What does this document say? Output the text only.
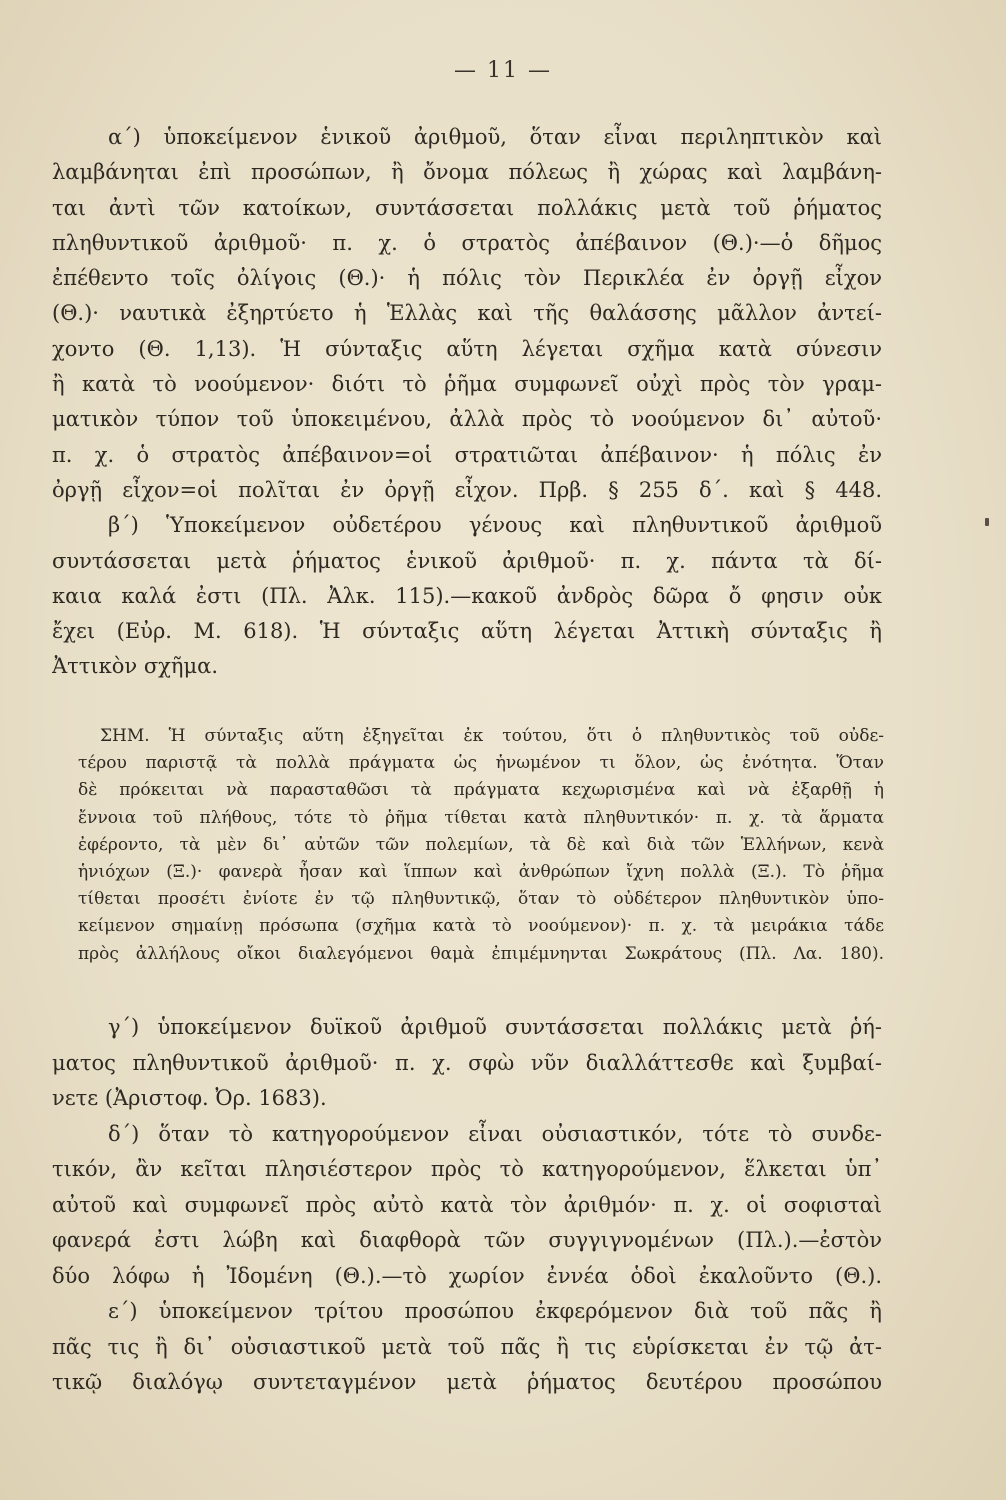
— 11 —
α΄) ὑποκείμενον ἑνικοῦ ἀριθμοῦ, ὅταν εἶναι περιληπτικὸν καὶ
λαμβάνηται ἐπὶ προσώπων, ἢ ὄνομα πόλεως ἢ χώρας καὶ λαμβάνη-
ται ἀντὶ τῶν κατοίκων, συντάσσεται πολλάκις μετὰ τοῦ ῥήματος
πληθυντικοῦ ἀριθμοῦ· π. χ. ὁ στρατὸς ἀπέβαινον (Θ.)·—ὁ δῆμος
ἐπέθεντο τοῖς ὀλίγοις (Θ.)· ἡ πόλις τὸν Περικλέα ἐν ὀργῇ εἶχον
(Θ.)· ναυτικὰ ἐξηρτύετο ἡ Ἑλλὰς καὶ τῆς θαλάσσης μᾶλλον ἀντεί-
χοντο (Θ. 1,13). Ἡ σύνταξις αὕτη λέγεται σχῆμα κατὰ σύνεσιν
ἢ κατὰ τὸ νοούμενον· διότι τὸ ῥῆμα συμφωνεῖ οὐχὶ πρὸς τὸν γραμ-
ματικὸν τύπον τοῦ ὑποκειμένου, ἀλλὰ πρὸς τὸ νοούμενον δι᾽ αὐτοῦ·
π. χ. ὁ στρατὸς ἀπέβαινον=οἱ στρατιῶται ἀπέβαινον· ἡ πόλις ἐν
ὀργῇ εἶχον=οἱ πολῖται ἐν ὀργῇ εἶχον. Πρβ. § 255 δ΄. καὶ § 448.
β΄) Ὑποκείμενον οὐδετέρου γένους καὶ πληθυντικοῦ ἀριθμοῦ
συντάσσεται μετὰ ῥήματος ἑνικοῦ ἀριθμοῦ· π. χ. πάντα τὰ δί-
καια καλά ἐστι (Πλ. Ἀλκ. 115).—κακοῦ ἀνδρὸς δῶρα ὄ φησιν οὐκ
ἔχει (Εὐρ. Μ. 618). Ἡ σύνταξις αὕτη λέγεται Ἀττικὴ σύνταξις ἢ
Ἀττικὸν σχῆμα.
ΣΗΜ. Ἡ σύνταξις αὕτη ἐξηγεῖται ἐκ τούτου, ὅτι ὁ πληθυντικὸς τοῦ οὐδε-
τέρου παριστᾷ τὰ πολλὰ πράγματα ὡς ἡνωμένον τι ὅλον, ὡς ἑνότητα. Ὅταν
δὲ πρόκειται νὰ παρασταθῶσι τὰ πράγματα κεχωρισμένα καὶ νὰ ἐξαρθῇ ἡ
ἔννοια τοῦ πλήθους, τότε τὸ ῥῆμα τίθεται κατὰ πληθυντικόν· π. χ. τὰ ἅρματα
ἐφέροντο, τὰ μὲν δι᾽ αὐτῶν τῶν πολεμίων, τὰ δὲ καὶ διὰ τῶν Ἑλλήνων, κενὰ
ἡνιόχων (Ξ.)· φανερὰ ἦσαν καὶ ἵππων καὶ ἀνθρώπων ἴχνη πολλὰ (Ξ.). Τὸ ῥῆμα
τίθεται προσέτι ἐνίοτε ἐν τῷ πληθυντικῷ, ὅταν τὸ οὐδέτερον πληθυντικὸν ὑπο-
κείμενον σημαίνῃ πρόσωπα (σχῆμα κατὰ τὸ νοούμενον)· π. χ. τὰ μειράκια τάδε
πρὸς ἀλλήλους οἴκοι διαλεγόμενοι θαμὰ ἐπιμέμνηνται Σωκράτους (Πλ. Λα. 180).
γ΄) ὑποκείμενον δυϊκοῦ ἀριθμοῦ συντάσσεται πολλάκις μετὰ ῥή-
ματος πληθυντικοῦ ἀριθμοῦ· π. χ. σφὼ νῦν διαλλάττεσθε καὶ ξυμβαί-
νετε (Ἀριστοφ. Ὀρ. 1683).
δ΄) ὅταν τὸ κατηγορούμενον εἶναι οὐσιαστικόν, τότε τὸ συνδε-
τικόν, ἂν κεῖται πλησιέστερον πρὸς τὸ κατηγορούμενον, ἕλκεται ὑπ᾽
αὐτοῦ καὶ συμφωνεῖ πρὸς αὐτὸ κατὰ τὸν ἀριθμόν· π. χ. οἱ σοφισταὶ
φανερά ἐστι λώβη καὶ διαφθορὰ τῶν συγγιγνομένων (Πλ.).—ἐστὸν
δύο λόφω ἡ Ἰδομένη (Θ.).—τὸ χωρίον ἐννέα ὁδοὶ ἐκαλοῦντο (Θ.).
ε΄) ὑποκείμενον τρίτου προσώπου ἐκφερόμενον διὰ τοῦ πᾶς ἢ
πᾶς τις ἢ δι᾽ οὐσιαστικοῦ μετὰ τοῦ πᾶς ἢ τις εὑρίσκεται ἐν τῷ ἀτ-
τικῷ διαλόγῳ συντεταγμένον μετὰ ῥήματος δευτέρου προσώπου
